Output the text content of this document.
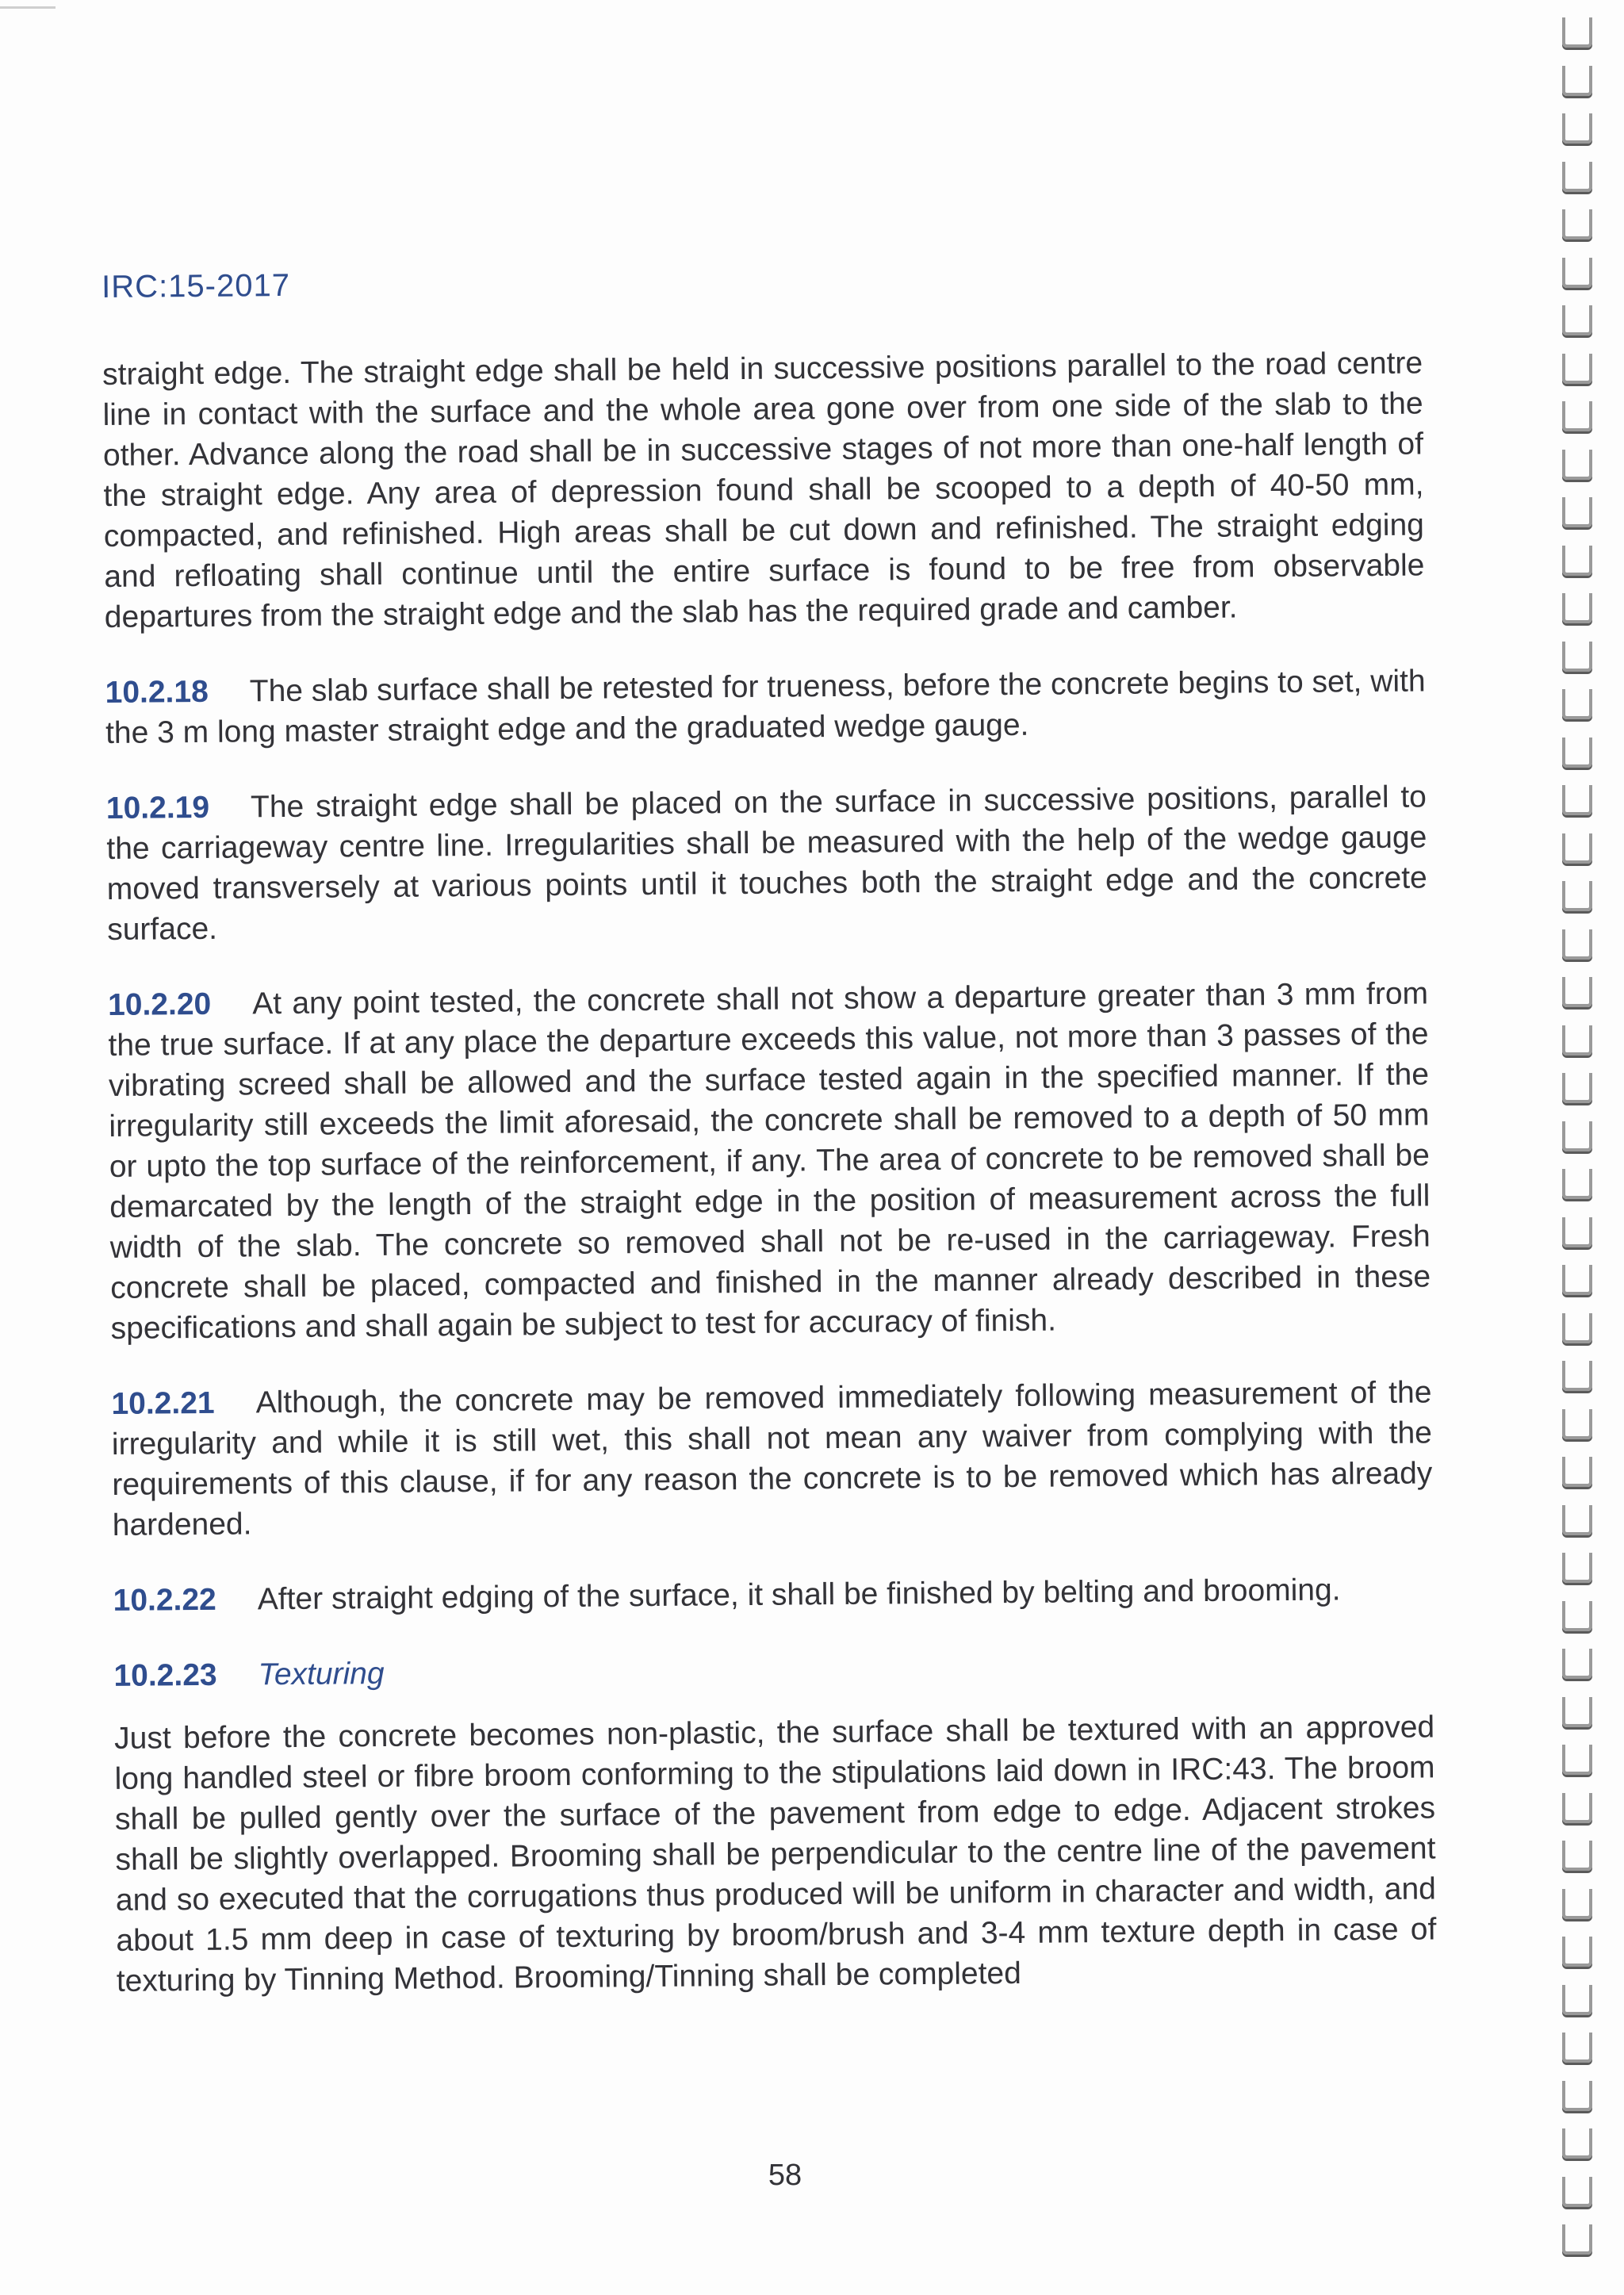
IRC:15-2017

straight edge. The straight edge shall be held in successive positions parallel to the road centre line in contact with the surface and the whole area gone over from one side of the slab to the other. Advance along the road shall be in successive stages of not more than one-half length of the straight edge. Any area of depression found shall be scooped to a depth of 40-50 mm, compacted, and refinished. High areas shall be cut down and refinished. The straight edging and refloating shall continue until the entire surface is found to be free from observable departures from the straight edge and the slab has the required grade and camber.

10.2.18 The slab surface shall be retested for trueness, before the concrete begins to set, with the 3 m long master straight edge and the graduated wedge gauge.

10.2.19 The straight edge shall be placed on the surface in successive positions, parallel to the carriageway centre line. Irregularities shall be measured with the help of the wedge gauge moved transversely at various points until it touches both the straight edge and the concrete surface.

10.2.20 At any point tested, the concrete shall not show a departure greater than 3 mm from the true surface. If at any place the departure exceeds this value, not more than 3 passes of the vibrating screed shall be allowed and the surface tested again in the specified manner. If the irregularity still exceeds the limit aforesaid, the concrete shall be removed to a depth of 50 mm or upto the top surface of the reinforcement, if any. The area of concrete to be removed shall be demarcated by the length of the straight edge in the position of measurement across the full width of the slab. The concrete so removed shall not be re-used in the carriageway. Fresh concrete shall be placed, compacted and finished in the manner already described in these specifications and shall again be subject to test for accuracy of finish.

10.2.21 Although, the concrete may be removed immediately following measurement of the irregularity and while it is still wet, this shall not mean any waiver from complying with the requirements of this clause, if for any reason the concrete is to be removed which has already hardened.

10.2.22 After straight edging of the surface, it shall be finished by belting and brooming.

10.2.23 Texturing

Just before the concrete becomes non-plastic, the surface shall be textured with an approved long handled steel or fibre broom conforming to the stipulations laid down in IRC:43. The broom shall be pulled gently over the surface of the pavement from edge to edge. Adjacent strokes shall be slightly overlapped. Brooming shall be perpendicular to the centre line of the pavement and so executed that the corrugations thus produced will be uniform in character and width, and about 1.5 mm deep in case of texturing by broom/brush and 3-4 mm texture depth in case of texturing by Tinning Method. Brooming/Tinning shall be completed

58
